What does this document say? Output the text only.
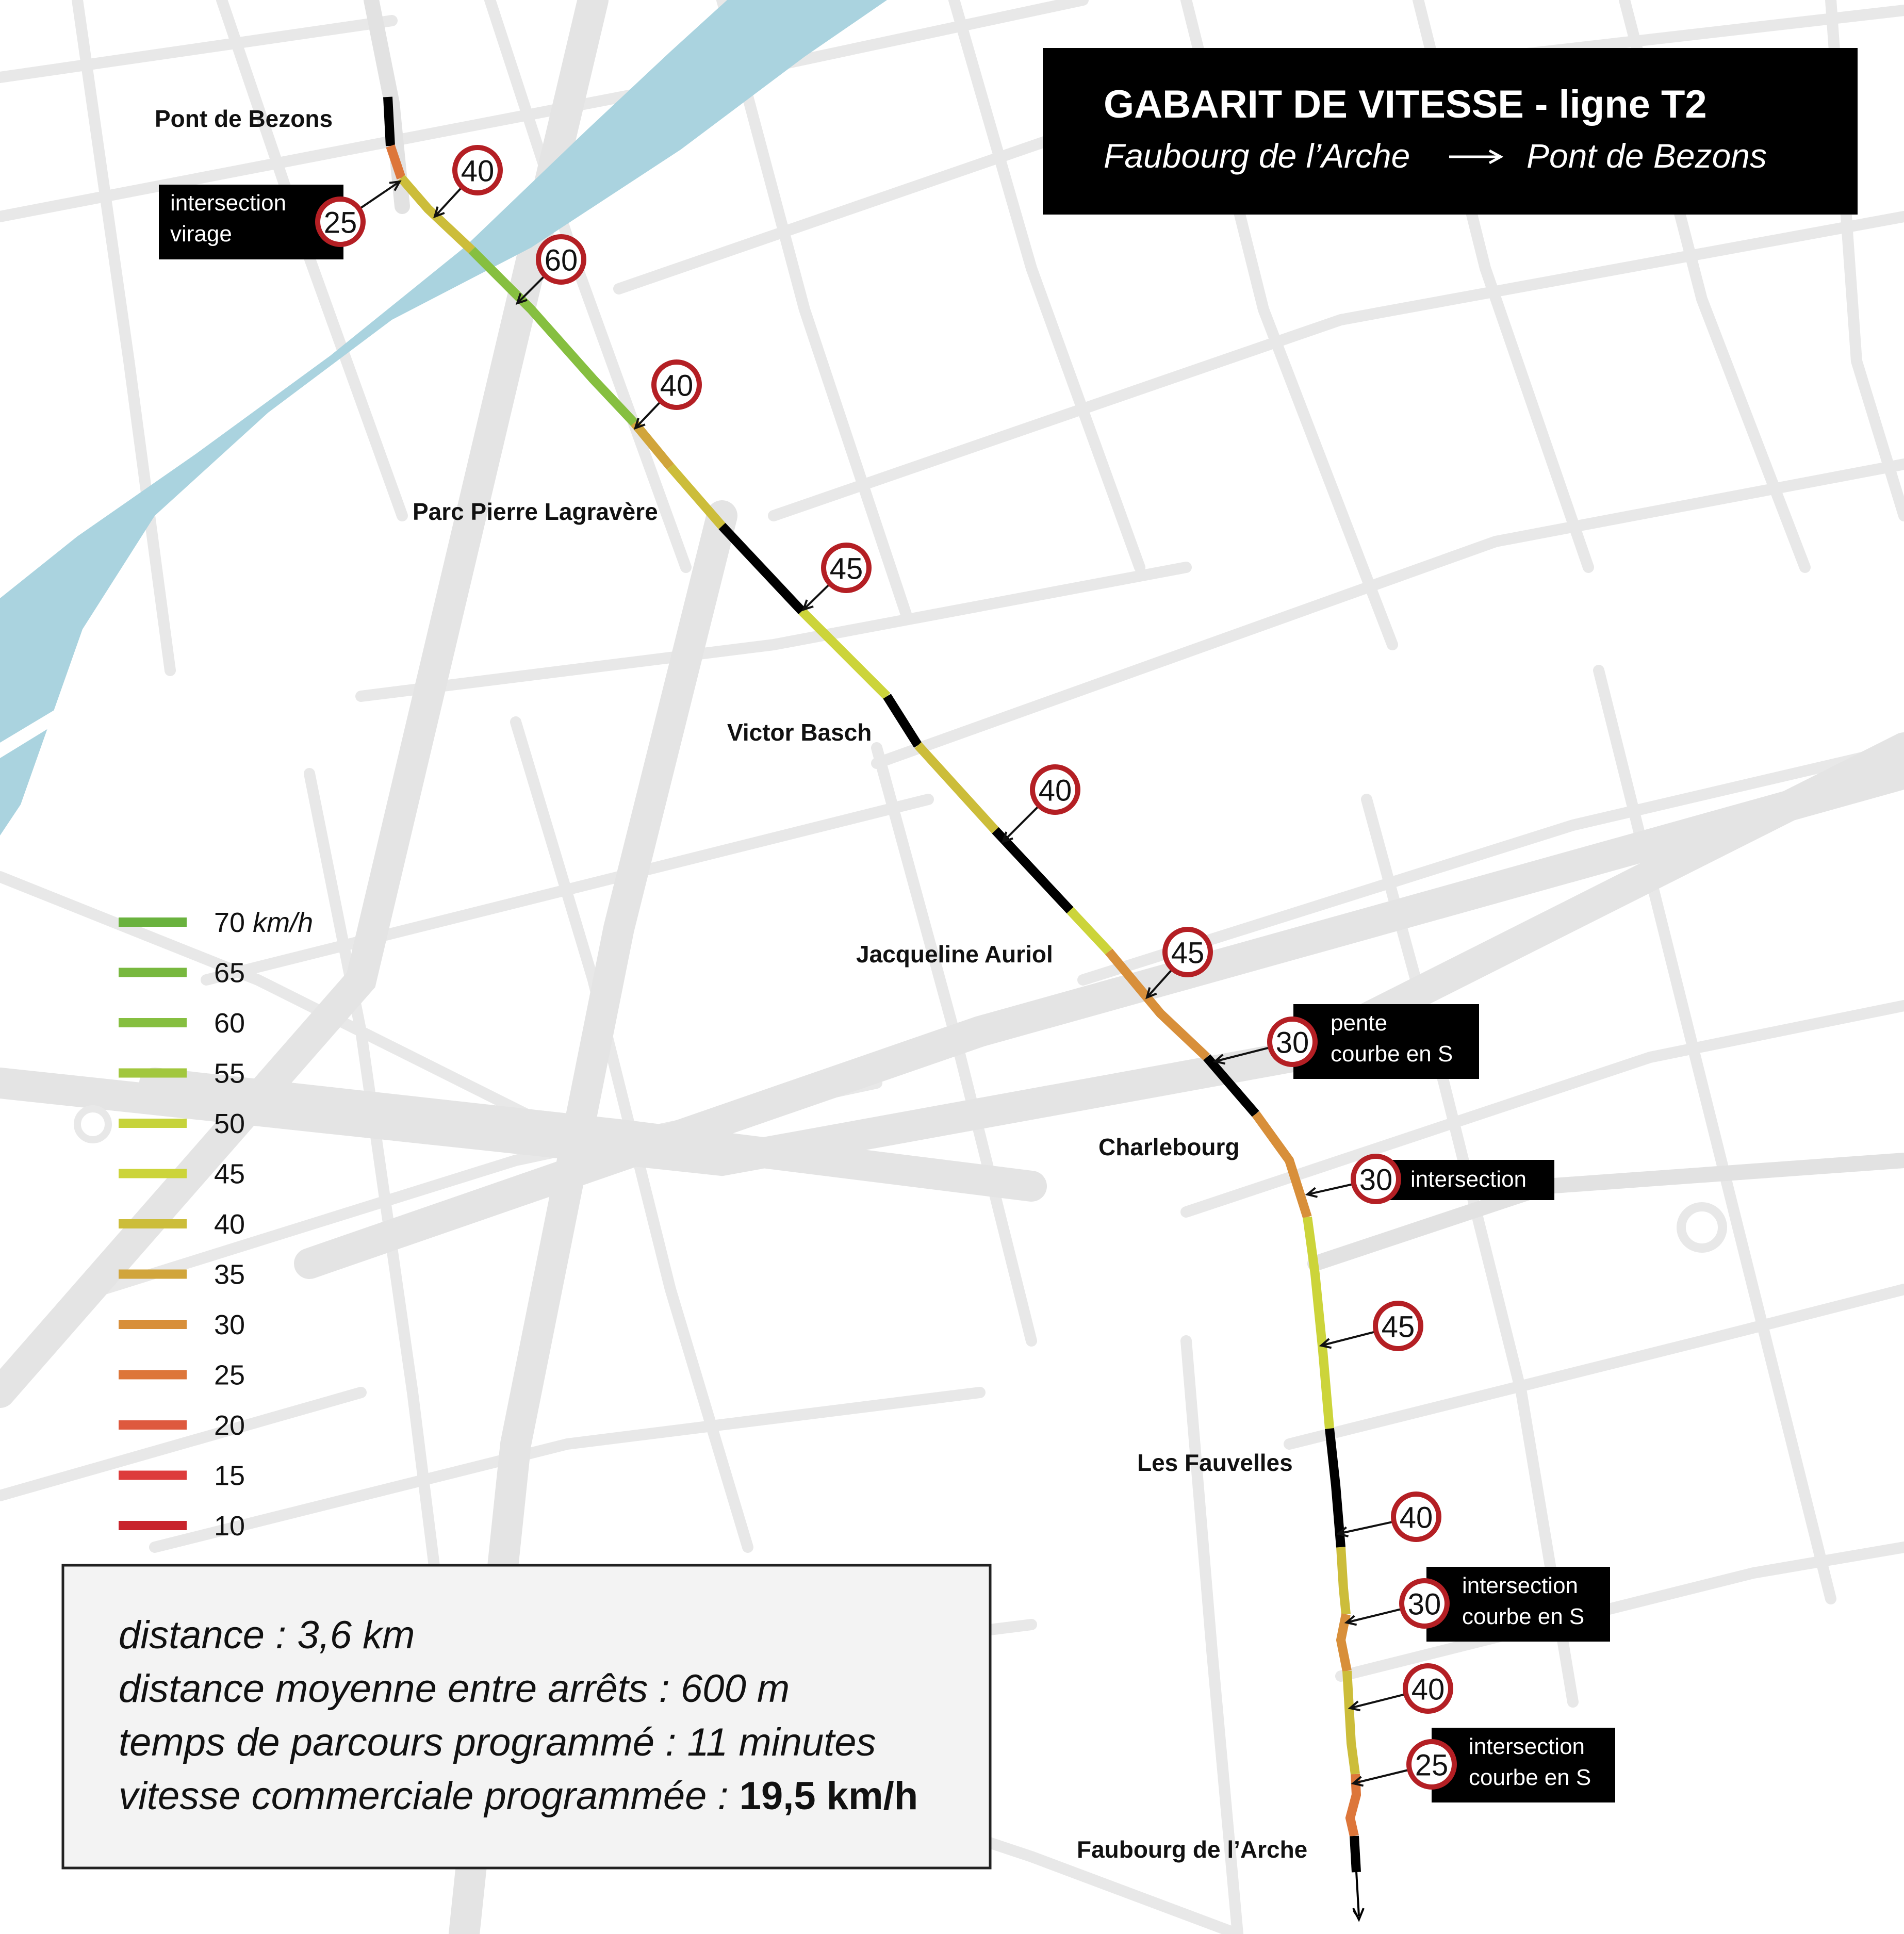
Pont de Bezons
Parc Pierre Lagravère
Victor Basch
Jacqueline Auriol
Charlebourg
Les Fauvelles
Faubourg de l’Arche
intersection
virage	25
40
60
40
45
40
45
pente
courbe en S
30
intersection
30
45
40
intersection
courbe en S
30
40
intersection
courbe en S
25
GABARIT DE VITESSE - ligne T2
Faubourg de l’Arche	Pont de Bezons
70 km/h
65
60
55
50
45
40
35
30
25
20
15
10
distance : 3,6 km
distance moyenne entre arrêts : 600 m
temps de parcours programmé : 11 minutes
vitesse commerciale programmée : 19,5 km/h
